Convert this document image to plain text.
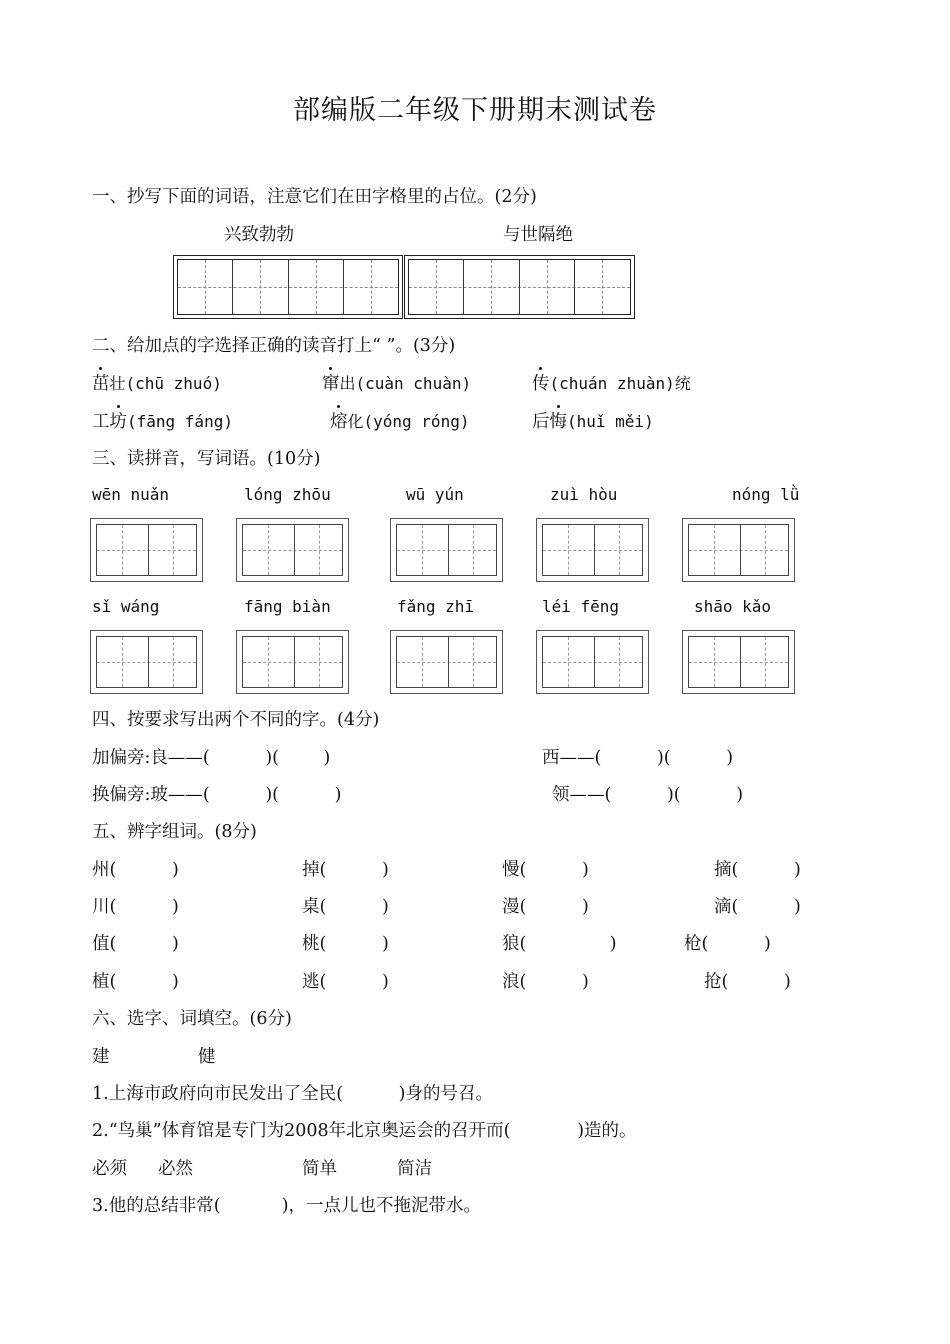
部编版二年级下册期末测试卷
一、抄写下面的词语，注意它们在田字格里的占位。(2分)
兴致勃勃	与世隔绝
二、给加点的字选择正确的读音打上“ ”。(3分)
茁壮(chū zhuó)	窜出(cuàn chuàn)	传(chuán zhuàn)统
工坊(fāng fáng)	熔化(yóng róng)	后悔(huǐ měi)
三、读拼音，写词语。(10分)
wēn nuǎn	lóng zhōu	wū yún	zuì hòu	nóng lǜ
sǐ wáng	fāng biàn	fǎng zhī	léi fēng	shāo kǎo
四、按要求写出两个不同的字。(4分)
加偏旁:良——(          )(        )	西——(          )(          )
换偏旁:玻——(          )(          )	领——(          )(          )
五、辨字组词。(8分)
州(          )	掉(          )	慢(          )	摘(          )
川(          )	桌(          )	漫(          )	滴(          )
值(          )	桃(          )	狼(               )	枪(          )
植(          )	逃(          )	浪(          )	抢(          )
六、选字、词填空。(6分)
建	健
1.上海市政府向市民发出了全民(          )身的号召。
2.“鸟巢”体育馆是专门为2008年北京奥运会的召开而(            )造的。
必须 必然	简单	简洁
3.他的总结非常(           )，一点儿也不拖泥带水。
